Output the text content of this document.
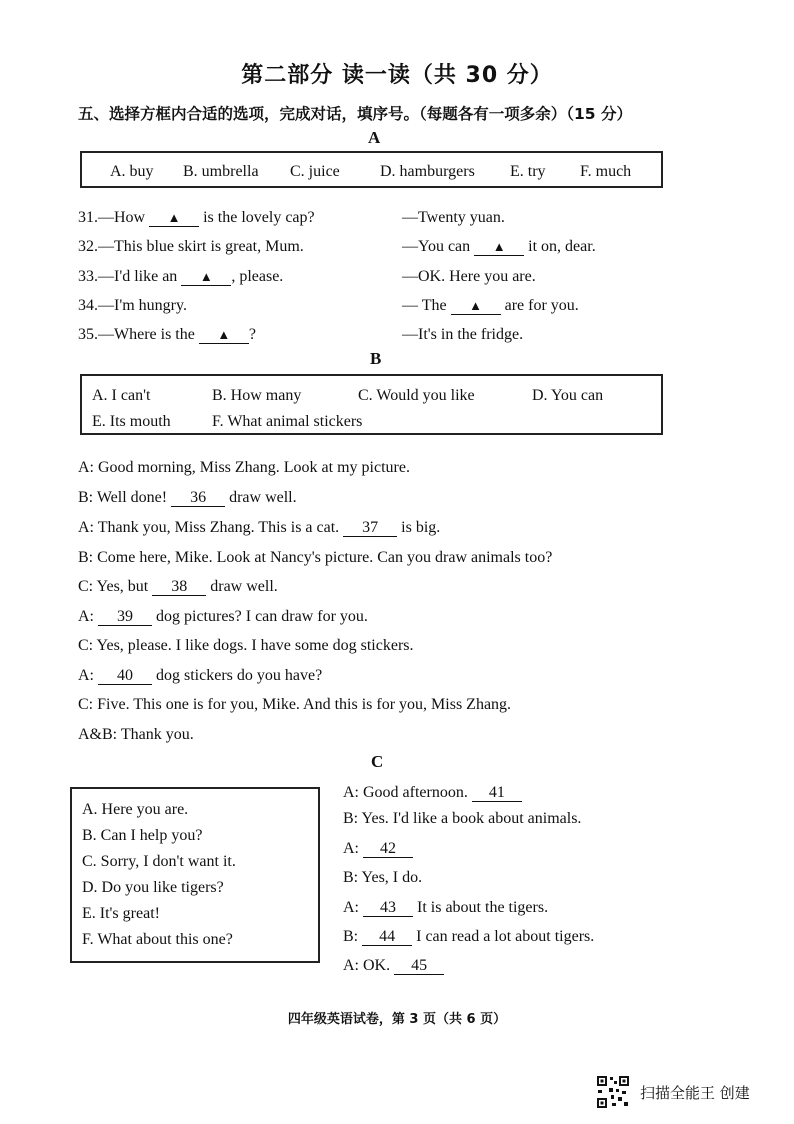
第二部分 读一读（共 30 分）
五、选择方框内合适的选项，完成对话，填序号。（每题各有一项多余）（15 分）
A
A. buy B. umbrella C. juice	D. hamburgers E. try F. much
31.—How ▲ is the lovely cap?	—Twenty yuan.
32.—This blue skirt is great, Mum.	—You can ▲ it on, dear.
33.—I'd like an ▲ , please.	—OK. Here you are.
34.—I'm hungry.	— The ▲ are for you.
35.—Where is the ▲ ?	—It's in the fridge.
B
A. I can't	B. How many	C. Would you like	D. You can
E. Its mouth	F. What animal stickers
A: Good morning, Miss Zhang. Look at my picture.
B: Well done! 36 draw well.
A: Thank you, Miss Zhang. This is a cat. 37 is big.
B: Come here, Mike. Look at Nancy's picture. Can you draw animals too?
C: Yes, but 38 draw well.
A: 39 dog pictures? I can draw for you.
C: Yes, please. I like dogs. I have some dog stickers.
A: 40 dog stickers do you have?
C: Five. This one is for you, Mike. And this is for you, Miss Zhang.
A&B: Thank you.
C
A. Here you are.
B. Can I help you?
C. Sorry, I don't want it.
D. Do you like tigers?
E. It's great!
F. What about this one?
A: Good afternoon. 41
B: Yes. I'd like a book about animals.
A: 42
B: Yes, I do.
A: 43 It is about the tigers.
B: 44 I can read a lot about tigers.
A: OK. 45
四年级英语试卷，第 3 页（共 6 页）
扫描全能王 创建
